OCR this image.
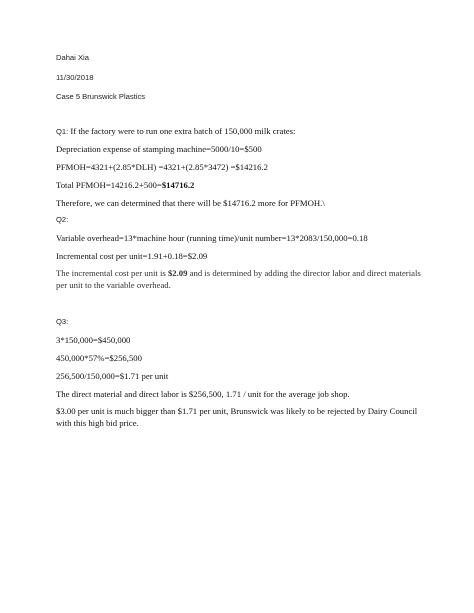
Dahai Xia
11/30/2018
Case 5 Brunswick Plastics
Q1: If the factory were to run one extra batch of 150,000 milk crates:
Depreciation expense of stamping machine=5000/10=$500
PFMOH=4321+(2.85*DLH) =4321+(2.85*3472) =$14216.2
Total PFMOH=14216.2+500=$14716.2
Therefore, we can determined that there will be $14716.2 more for PFMOH.\
Q2:
Variable overhead=13*machine hour (running time)/unit number=13*2083/150,000=0.18
Incremental cost per unit=1.91+0.18=$2.09
The incremental cost per unit is $2.09 and is determined by adding the director labor and direct materials per unit to the variable overhead.
Q3:
3*150,000=$450,000
450,000*57%=$256,500
256,500/150,000=$1.71 per unit
The direct material and direct labor is $256,500, 1.71 / unit for the average job shop.
$3.00 per unit is much bigger than $1.71 per unit, Brunswick was likely to be rejected by Dairy Council with this high bid price.
